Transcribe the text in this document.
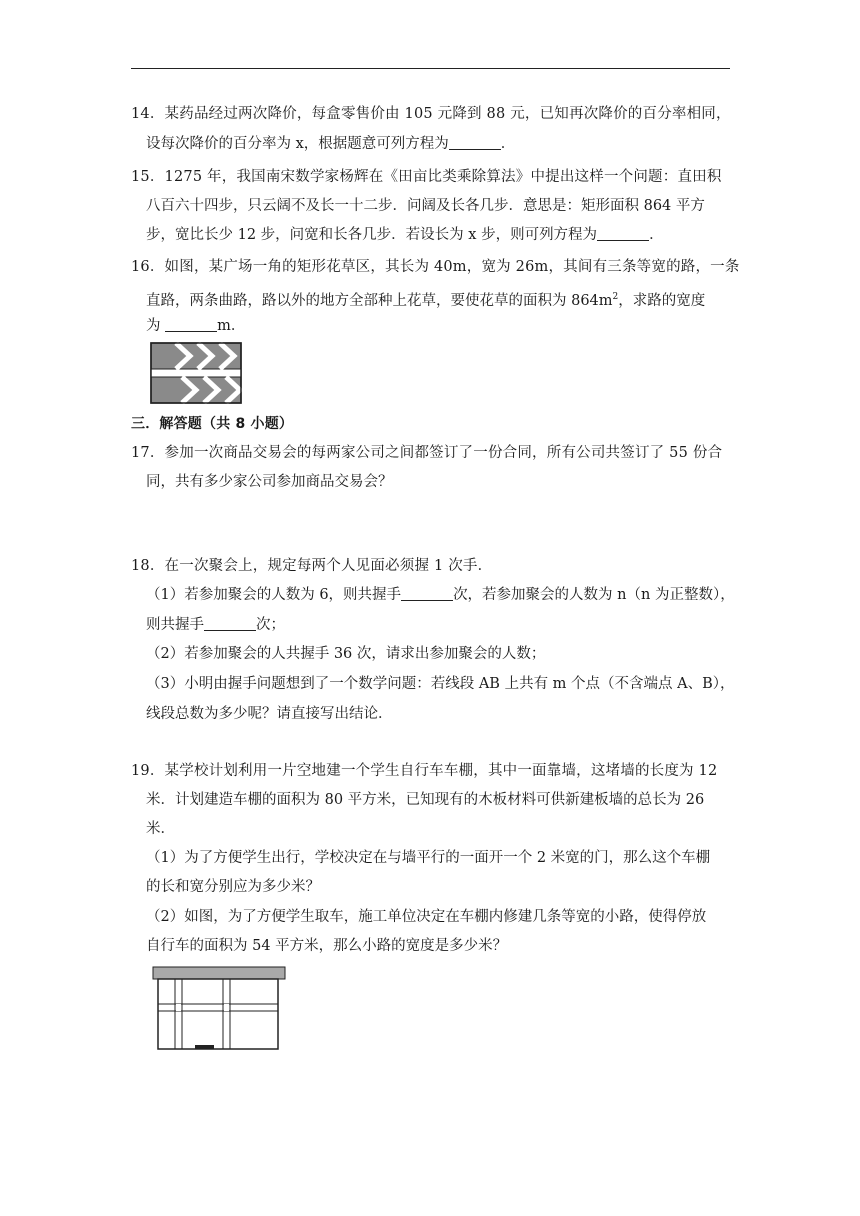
14．某药品经过两次降价，每盒零售价由 105 元降到 88 元，已知再次降价的百分率相同，
设每次降价的百分率为 x，根据题意可列方程为	．
15．1275 年，我国南宋数学家杨辉在《田亩比类乘除算法》中提出这样一个问题：直田积
八百六十四步，只云阔不及长一十二步．问阔及长各几步．意思是：矩形面积 864 平方
步，宽比长少 12 步，问宽和长各几步．若设长为 x 步，则可列方程为	．
16．如图，某广场一角的矩形花草区，其长为 40m，宽为 26m，其间有三条等宽的路，一条
直路，两条曲路，路以外的地方全部种上花草，要使花草的面积为 $864m^2$，求路的宽度
为	m．
三．解答题（共 8 小题）
17．参加一次商品交易会的每两家公司之间都签订了一份合同，所有公司共签订了 55 份合
同，共有多少家公司参加商品交易会？
18．在一次聚会上，规定每两个人见面必须握 1 次手．
（1）若参加聚会的人数为 6，则共握手	次，若参加聚会的人数为 n（n 为正整数），
则共握手	次；
（2）若参加聚会的人共握手 36 次，请求出参加聚会的人数；
（3）小明由握手问题想到了一个数学问题：若线段 AB 上共有 m 个点（不含端点 A、B），
线段总数为多少呢？请直接写出结论．
19．某学校计划利用一片空地建一个学生自行车车棚，其中一面靠墙，这堵墙的长度为 12
米．计划建造车棚的面积为 80 平方米，已知现有的木板材料可供新建板墙的总长为 26
米．
（1）为了方便学生出行，学校决定在与墙平行的一面开一个 2 米宽的门，那么这个车棚
的长和宽分别应为多少米？
（2）如图，为了方便学生取车，施工单位决定在车棚内修建几条等宽的小路，使得停放
自行车的面积为 54 平方米，那么小路的宽度是多少米？
